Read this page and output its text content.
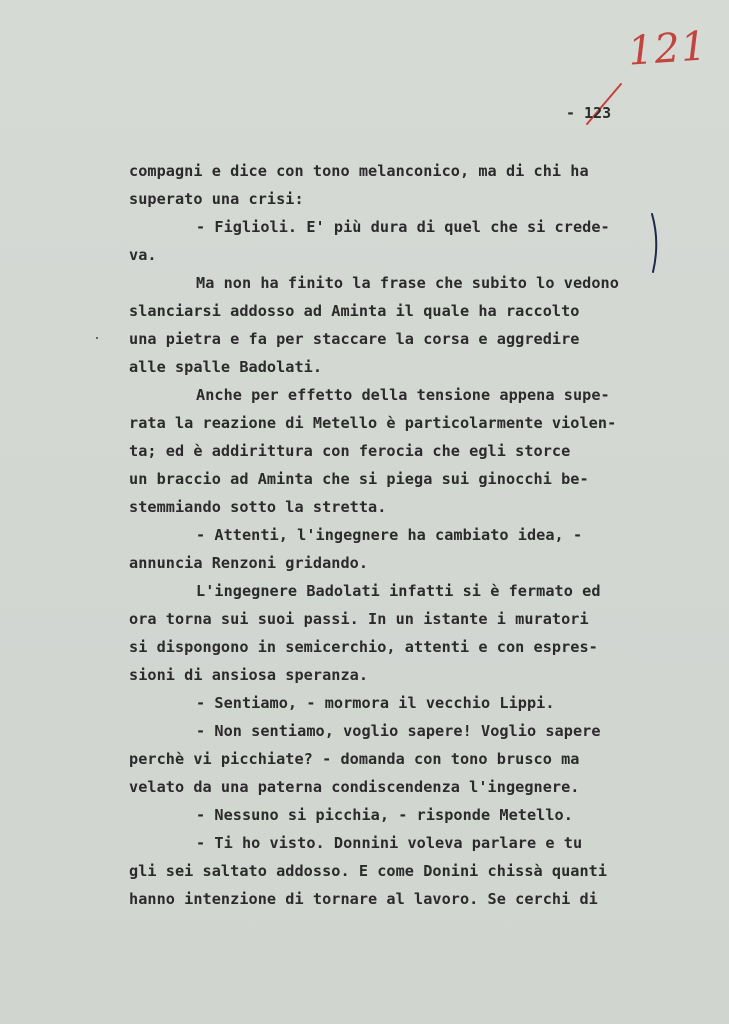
121
- 123
compagni e dice con tono melanconico, ma di chi ha
superato una crisi:
- Figlioli. E' più dura di quel che si crede-
va.
Ma non ha finito la frase che subito lo vedono
slanciarsi addosso ad Aminta il quale ha raccolto
una pietra e fa per staccare la corsa e aggredire
alle spalle Badolati.
Anche per effetto della tensione appena supe-
rata la reazione di Metello è particolarmente violen-
ta; ed è addirittura con ferocia che egli storce
un braccio ad Aminta che si piega sui ginocchi be-
stemmiando sotto la stretta.
- Attenti, l'ingegnere ha cambiato idea, -
annuncia Renzoni gridando.
L'ingegnere Badolati infatti si è fermato ed
ora torna sui suoi passi. In un istante i muratori
si dispongono in semicerchio, attenti e con espres-
sioni di ansiosa speranza.
- Sentiamo, - mormora il vecchio Lippi.
- Non sentiamo, voglio sapere! Voglio sapere
perchè vi picchiate? - domanda con tono brusco ma
velato da una paterna condiscendenza l'ingegnere.
- Nessuno si picchia, - risponde Metello.
- Ti ho visto. Donnini voleva parlare e tu
gli sei saltato addosso. E come Donini chissà quanti
hanno intenzione di tornare al lavoro. Se cerchi di
